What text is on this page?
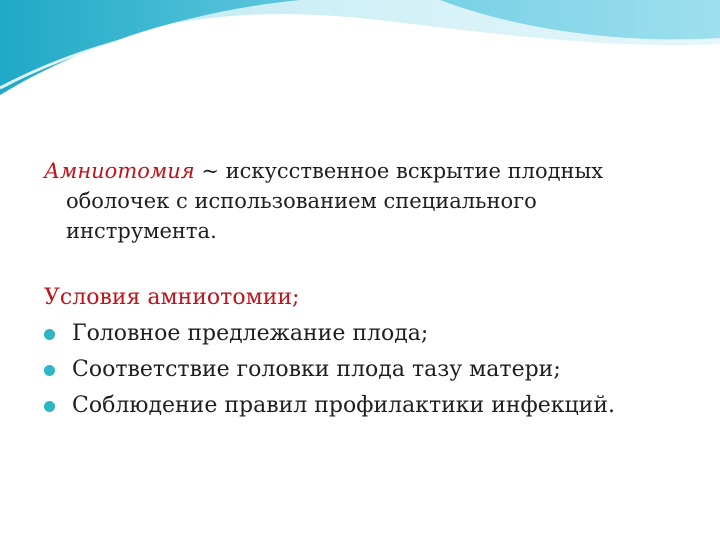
Амниотомия ~ искусственное вскрытие плодных
оболочек с использованием специального
инструмента.

Условия амниотомии;

Головное предлежание плода;
Соответствие головки плода тазу матери;
Соблюдение правил профилактики инфекций.
